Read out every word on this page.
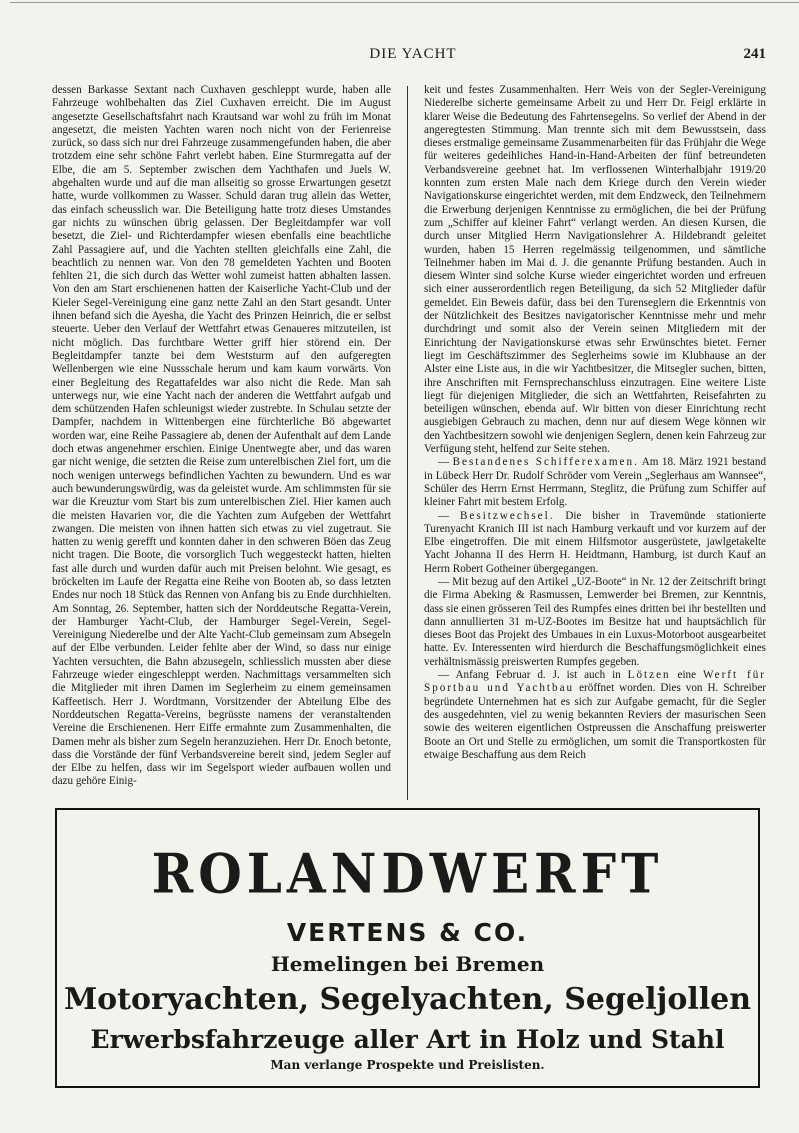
DIE YACHT	241

dessen Barkasse Sextant nach Cuxhaven geschleppt wurde, haben alle Fahrzeuge wohlbehalten das Ziel Cuxhaven erreicht. Die im August angesetzte Gesellschaftsfahrt nach Krautsand war wohl zu früh im Monat angesetzt, die meisten Yachten waren noch nicht von der Ferienreise zurück, so dass sich nur drei Fahrzeuge zusammengefunden haben, die aber trotzdem eine sehr schöne Fahrt verlebt haben. Eine Sturmregatta auf der Elbe, die am 5. September zwischen dem Yachthafen und Juels W. abgehalten wurde und auf die man allseitig so grosse Erwartungen gesetzt hatte, wurde vollkommen zu Wasser. Schuld daran trug allein das Wetter, das einfach scheusslich war. Die Beteiligung hatte trotz dieses Umstandes gar nichts zu wünschen übrig gelassen. Der Begleitdampfer war voll besetzt, die Ziel- und Richterdampfer wiesen ebenfalls eine beachtliche Zahl Passagiere auf, und die Yachten stellten gleichfalls eine Zahl, die beachtlich zu nennen war. Von den 78 gemeldeten Yachten und Booten fehlten 21, die sich durch das Wetter wohl zumeist hatten abhalten lassen. Von den am Start erschienenen hatten der Kaiserliche Yacht-Club und der Kieler Segel-Vereinigung eine ganz nette Zahl an den Start gesandt. Unter ihnen befand sich die Ayesha, die Yacht des Prinzen Heinrich, die er selbst steuerte. Ueber den Verlauf der Wettfahrt etwas Genaueres mitzuteilen, ist nicht möglich. Das furchtbare Wetter griff hier störend ein. Der Begleitdampfer tanzte bei dem Weststurm auf den aufgeregten Wellenbergen wie eine Nussschale herum und kam kaum vorwärts. Von einer Begleitung des Regattafeldes war also nicht die Rede. Man sah unterwegs nur, wie eine Yacht nach der anderen die Wettfahrt aufgab und dem schützenden Hafen schleunigst wieder zustrebte. In Schulau setzte der Dampfer, nachdem in Wittenbergen eine fürchterliche Bö abgewartet worden war, eine Reihe Passagiere ab, denen der Aufenthalt auf dem Lande doch etwas angenehmer erschien. Einige Unentwegte aber, und das waren gar nicht wenige, die setzten die Reise zum unterelbischen Ziel fort, um die noch wenigen unterwegs befindlichen Yachten zu bewundern. Und es war auch bewunderungswürdig, was da geleistet wurde. Am schlimmsten für sie war die Kreuztur vom Start bis zum unterelbischen Ziel. Hier kamen auch die meisten Havarien vor, die die Yachten zum Aufgeben der Wettfahrt zwangen. Die meisten von ihnen hatten sich etwas zu viel zugetraut. Sie hatten zu wenig gerefft und konnten daher in den schweren Böen das Zeug nicht tragen. Die Boote, die vorsorglich Tuch weggesteckt hatten, hielten fast alle durch und wurden dafür auch mit Preisen belohnt. Wie gesagt, es bröckelten im Laufe der Regatta eine Reihe von Booten ab, so dass letzten Endes nur noch 18 Stück das Rennen von Anfang bis zu Ende durchhielten. Am Sonntag, 26. September, hatten sich der Norddeutsche Regatta-Verein, der Hamburger Yacht-Club, der Hamburger Segel-Verein, Segel-Vereinigung Niederelbe und der Alte Yacht-Club gemeinsam zum Absegeln auf der Elbe verbunden. Leider fehlte aber der Wind, so dass nur einige Yachten versuchten, die Bahn abzusegeln, schliesslich mussten aber diese Fahrzeuge wieder eingeschleppt werden. Nachmittags versammelten sich die Mitglieder mit ihren Damen im Seglerheim zu einem gemeinsamen Kaffeetisch. Herr J. Wordtmann, Vorsitzender der Abteilung Elbe des Norddeutschen Regatta-Vereins, begrüsste namens der veranstaltenden Vereine die Erschienenen. Herr Eiffe ermahnte zum Zusammenhalten, die Damen mehr als bisher zum Segeln heranzuziehen. Herr Dr. Enoch betonte, dass die Vorstände der fünf Verbandsvereine bereit sind, jedem Segler auf der Elbe zu helfen, dass wir im Segelsport wieder aufbauen wollen und dazu gehöre Einig-

keit und festes Zusammenhalten. Herr Weis von der Segler-Vereinigung Niederelbe sicherte gemeinsame Arbeit zu und Herr Dr. Feigl erklärte in klarer Weise die Bedeutung des Fahrtensegelns. So verlief der Abend in der angeregtesten Stimmung. Man trennte sich mit dem Bewusstsein, dass dieses erstmalige gemeinsame Zusammenarbeiten für das Frühjahr die Wege für weiteres gedeihliches Hand-in-Hand-Arbeiten der fünf betreundeten Verbandsvereine geebnet hat. Im verflossenen Winterhalbjahr 1919/20 konnten zum ersten Male nach dem Kriege durch den Verein wieder Navigationskurse eingerichtet werden, mit dem Endzweck, den Teilnehmern die Erwerbung derjenigen Kenntnisse zu ermöglichen, die bei der Prüfung zum „Schiffer auf kleiner Fahrt“ verlangt werden. An diesen Kursen, die durch unser Mitglied Herrn Navigationslehrer A. Hildebrandt geleitet wurden, haben 15 Herren regelmässig teilgenommen, und sämtliche Teilnehmer haben im Mai d. J. die genannte Prüfung bestanden. Auch in diesem Winter sind solche Kurse wieder eingerichtet worden und erfreuen sich einer ausserordentlich regen Beteiligung, da sich 52 Mitglieder dafür gemeldet. Ein Beweis dafür, dass bei den Turenseglern die Erkenntnis von der Nützlichkeit des Besitzes navigatorischer Kenntnisse mehr und mehr durchdringt und somit also der Verein seinen Mitgliedern mit der Einrichtung der Navigationskurse etwas sehr Erwünschtes bietet. Ferner liegt im Geschäftszimmer des Seglerheims sowie im Klubhause an der Alster eine Liste aus, in die wir Yachtbesitzer, die Mitsegler suchen, bitten, ihre Anschriften mit Fernsprechanschluss einzutragen. Eine weitere Liste liegt für diejenigen Mitglieder, die sich an Wettfahrten, Reisefahrten zu beteiligen wünschen, ebenda auf. Wir bitten von dieser Einrichtung recht ausgiebigen Gebrauch zu machen, denn nur auf diesem Wege können wir den Yachtbesitzern sowohl wie denjenigen Seglern, denen kein Fahrzeug zur Verfügung steht, helfend zur Seite stehen.

— Bestandenes Schifferexamen. Am 18. März 1921 bestand in Lübeck Herr Dr. Rudolf Schröder vom Verein „Seglerhaus am Wannsee“, Schüler des Herrn Ernst Herrmann, Steglitz, die Prüfung zum Schiffer auf kleiner Fahrt mit bestem Erfolg.

— Besitzwechsel. Die bisher in Travemünde stationierte Turenyacht Kranich III ist nach Hamburg verkauft und vor kurzem auf der Elbe eingetroffen. Die mit einem Hilfsmotor ausgerüstete, jawlgetakelte Yacht Johanna II des Herrn H. Heidtmann, Hamburg, ist durch Kauf an Herrn Robert Gotheiner übergegangen.

— Mit bezug auf den Artikel „UZ-Boote“ in Nr. 12 der Zeitschrift bringt die Firma Abeking & Rasmussen, Lemwerder bei Bremen, zur Kenntnis, dass sie einen grösseren Teil des Rumpfes eines dritten bei ihr bestellten und dann annullierten 31 m-UZ-Bootes im Besitze hat und hauptsächlich für dieses Boot das Projekt des Umbaues in ein Luxus-Motorboot ausgearbeitet hatte. Ev. Interessenten wird hierdurch die Beschaffungsmöglichkeit eines verhältnismässig preiswerten Rumpfes gegeben.

— Anfang Februar d. J. ist auch in Lötzen eine Werft für Sportbau und Yachtbau eröffnet worden. Dies von H. Schreiber begründete Unternehmen hat es sich zur Aufgabe gemacht, für die Segler des ausgedehnten, viel zu wenig bekannten Reviers der masurischen Seen sowie des weiteren eigentlichen Ostpreussen die Anschaffung preiswerter Boote an Ort und Stelle zu ermöglichen, um somit die Transportkosten für etwaige Beschaffung aus dem Reich

ROLANDWERFT
VERTENS & CO.
Hemelingen bei Bremen
Motoryachten, Segelyachten, Segeljollen
Erwerbsfahrzeuge aller Art in Holz und Stahl
Man verlange Prospekte und Preislisten.
